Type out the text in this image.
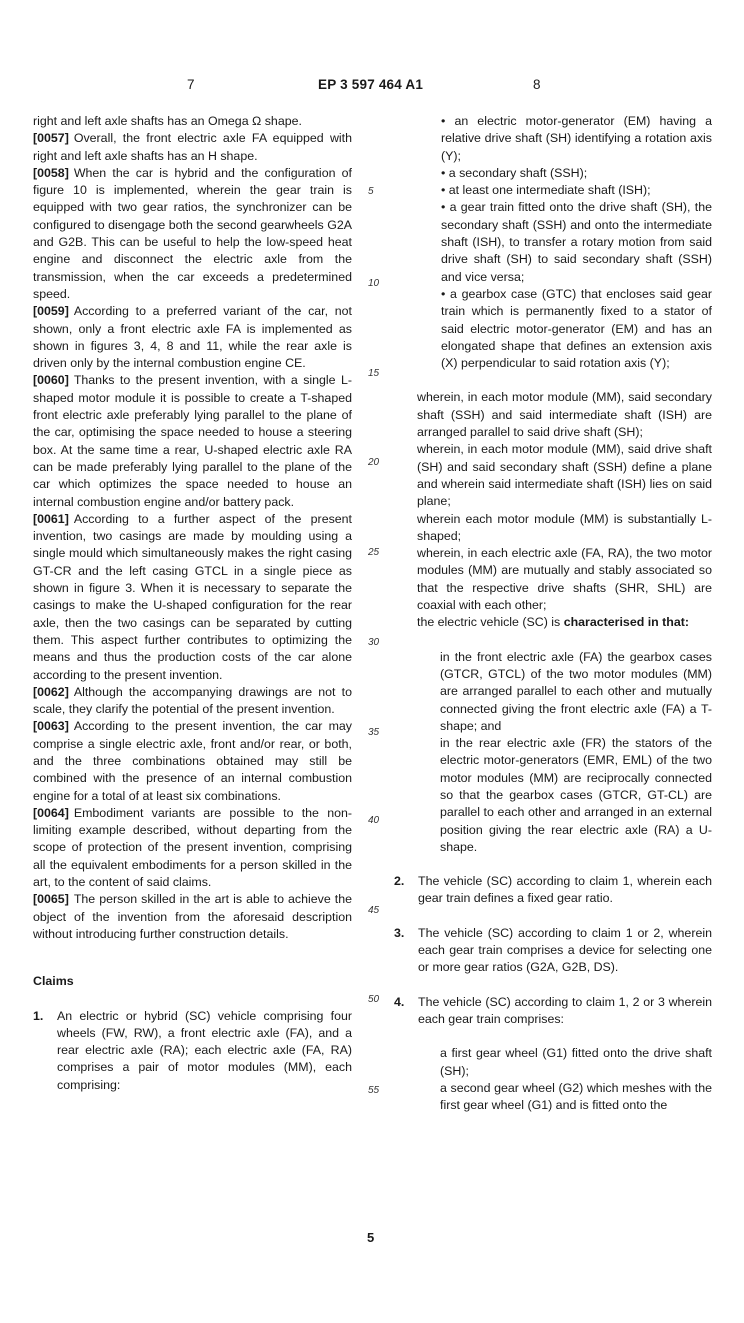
7	EP 3 597 464 A1	8
right and left axle shafts has an Omega Ω shape.
[0057] Overall, the front electric axle FA equipped with right and left axle shafts has an H shape.
[0058] When the car is hybrid and the configuration of figure 10 is implemented, wherein the gear train is equipped with two gear ratios, the synchronizer can be configured to disengage both the second gearwheels G2A and G2B. This can be useful to help the low-speed heat engine and disconnect the electric axle from the transmission, when the car exceeds a predetermined speed.
[0059] According to a preferred variant of the car, not shown, only a front electric axle FA is implemented as shown in figures 3, 4, 8 and 11, while the rear axle is driven only by the internal combustion engine CE.
[0060] Thanks to the present invention, with a single L-shaped motor module it is possible to create a T-shaped front electric axle preferably lying parallel to the plane of the car, optimising the space needed to house a steering box. At the same time a rear, U-shaped electric axle RA can be made preferably lying parallel to the plane of the car which optimizes the space needed to house an internal combustion engine and/or battery pack.
[0061] According to a further aspect of the present invention, two casings are made by moulding using a single mould which simultaneously makes the right casing GT-CR and the left casing GTCL in a single piece as shown in figure 3. When it is necessary to separate the casings to make the U-shaped configuration for the rear axle, then the two casings can be separated by cutting them. This aspect further contributes to optimizing the means and thus the production costs of the car alone according to the present invention.
[0062] Although the accompanying drawings are not to scale, they clarify the potential of the present invention.
[0063] According to the present invention, the car may comprise a single electric axle, front and/or rear, or both, and the three combinations obtained may still be combined with the presence of an internal combustion engine for a total of at least six combinations.
[0064] Embodiment variants are possible to the non-limiting example described, without departing from the scope of protection of the present invention, comprising all the equivalent embodiments for a person skilled in the art, to the content of said claims.
[0065] The person skilled in the art is able to achieve the object of the invention from the aforesaid description without introducing further construction details.
Claims
1.	An electric or hybrid (SC) vehicle comprising four wheels (FW, RW), a front electric axle (FA), and a rear electric axle (RA); each electric axle (FA, RA) comprises a pair of motor modules (MM), each comprising:
5
10
15
20
25
30
35
40
45
50
55
• an electric motor-generator (EM) having a relative drive shaft (SH) identifying a rotation axis (Y);
• a secondary shaft (SSH);
• at least one intermediate shaft (ISH);
• a gear train fitted onto the drive shaft (SH), the secondary shaft (SSH) and onto the intermediate shaft (ISH), to transfer a rotary motion from said drive shaft (SH) to said secondary shaft (SSH) and vice versa;
• a gearbox case (GTC) that encloses said gear train which is permanently fixed to a stator of said electric motor-generator (EM) and has an elongated shape that defines an extension axis (X) perpendicular to said rotation axis (Y);
wherein, in each motor module (MM), said secondary shaft (SSH) and said intermediate shaft (ISH) are arranged parallel to said drive shaft (SH);
wherein, in each motor module (MM), said drive shaft (SH) and said secondary shaft (SSH) define a plane and wherein said intermediate shaft (ISH) lies on said plane;
wherein each motor module (MM) is substantially L-shaped;
wherein, in each electric axle (FA, RA), the two motor modules (MM) are mutually and stably associated so that the respective drive shafts (SHR, SHL) are coaxial with each other;
the electric vehicle (SC) is characterised in that:
in the front electric axle (FA) the gearbox cases (GTCR, GTCL) of the two motor modules (MM) are arranged parallel to each other and mutually connected giving the front electric axle (FA) a T-shape; and
in the rear electric axle (FR) the stators of the electric motor-generators (EMR, EML) of the two motor modules (MM) are reciprocally connected so that the gearbox cases (GTCR, GT-CL) are parallel to each other and arranged in an external position giving the rear electric axle (RA) a U-shape.
2.	The vehicle (SC) according to claim 1, wherein each gear train defines a fixed gear ratio.
3.	The vehicle (SC) according to claim 1 or 2, wherein each gear train comprises a device for selecting one or more gear ratios (G2A, G2B, DS).
4.	The vehicle (SC) according to claim 1, 2 or 3 wherein each gear train comprises:
a first gear wheel (G1) fitted onto the drive shaft (SH);
a second gear wheel (G2) which meshes with the first gear wheel (G1) and is fitted onto the
5
